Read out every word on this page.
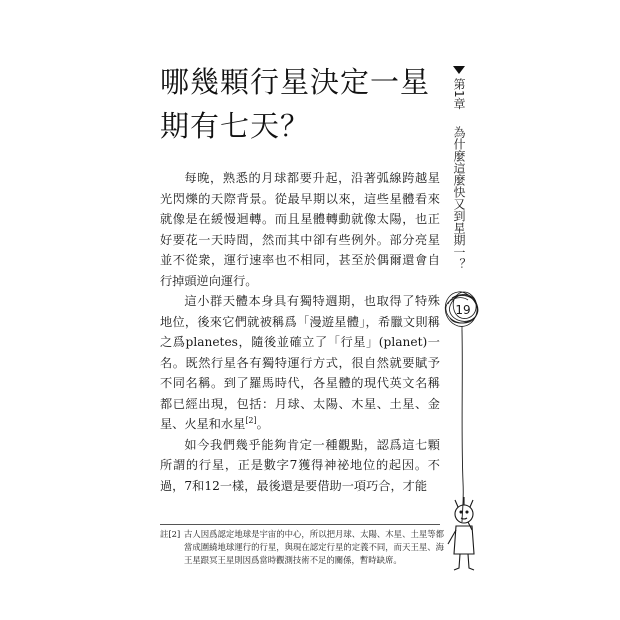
哪幾顆行星決定一星
期有七天？
第1章
為什麼這麼快又到星期一？

每晚，熟悉的月球都要升起，沿著弧線跨越星光閃爍的天際背景。從最早期以來，這些星體看來就像是在緩慢迴轉。而且星體轉動就像太陽，也正好要花一天時間，然而其中卻有些例外。部分亮星並不從衆，運行速率也不相同，甚至於偶爾還會自行掉頭逆向運行。

這小群天體本身具有獨特週期，也取得了特殊地位，後來它們就被稱爲「漫遊星體」，希臘文則稱之爲planetes，隨後並確立了「行星」(planet)一名。既然行星各有獨特運行方式，很自然就要賦予不同名稱。到了羅馬時代，各星體的現代英文名稱都已經出現，包括：月球、太陽、木星、土星、金星、火星和水星[2]。

如今我們幾乎能夠肯定一種觀點，認爲這七顆所謂的行星，正是數字7獲得神祕地位的起因。不過，7和12一樣，最後還是要借助一項巧合，才能

註[2] 古人因爲認定地球是宇宙的中心，所以把月球、太陽、木星、土星等都當成圍繞地球運行的行星，與現在認定行星的定義不同，而天王星、海王星跟冥王星則因爲當時觀測技術不足的關係，暫時缺席。
19
